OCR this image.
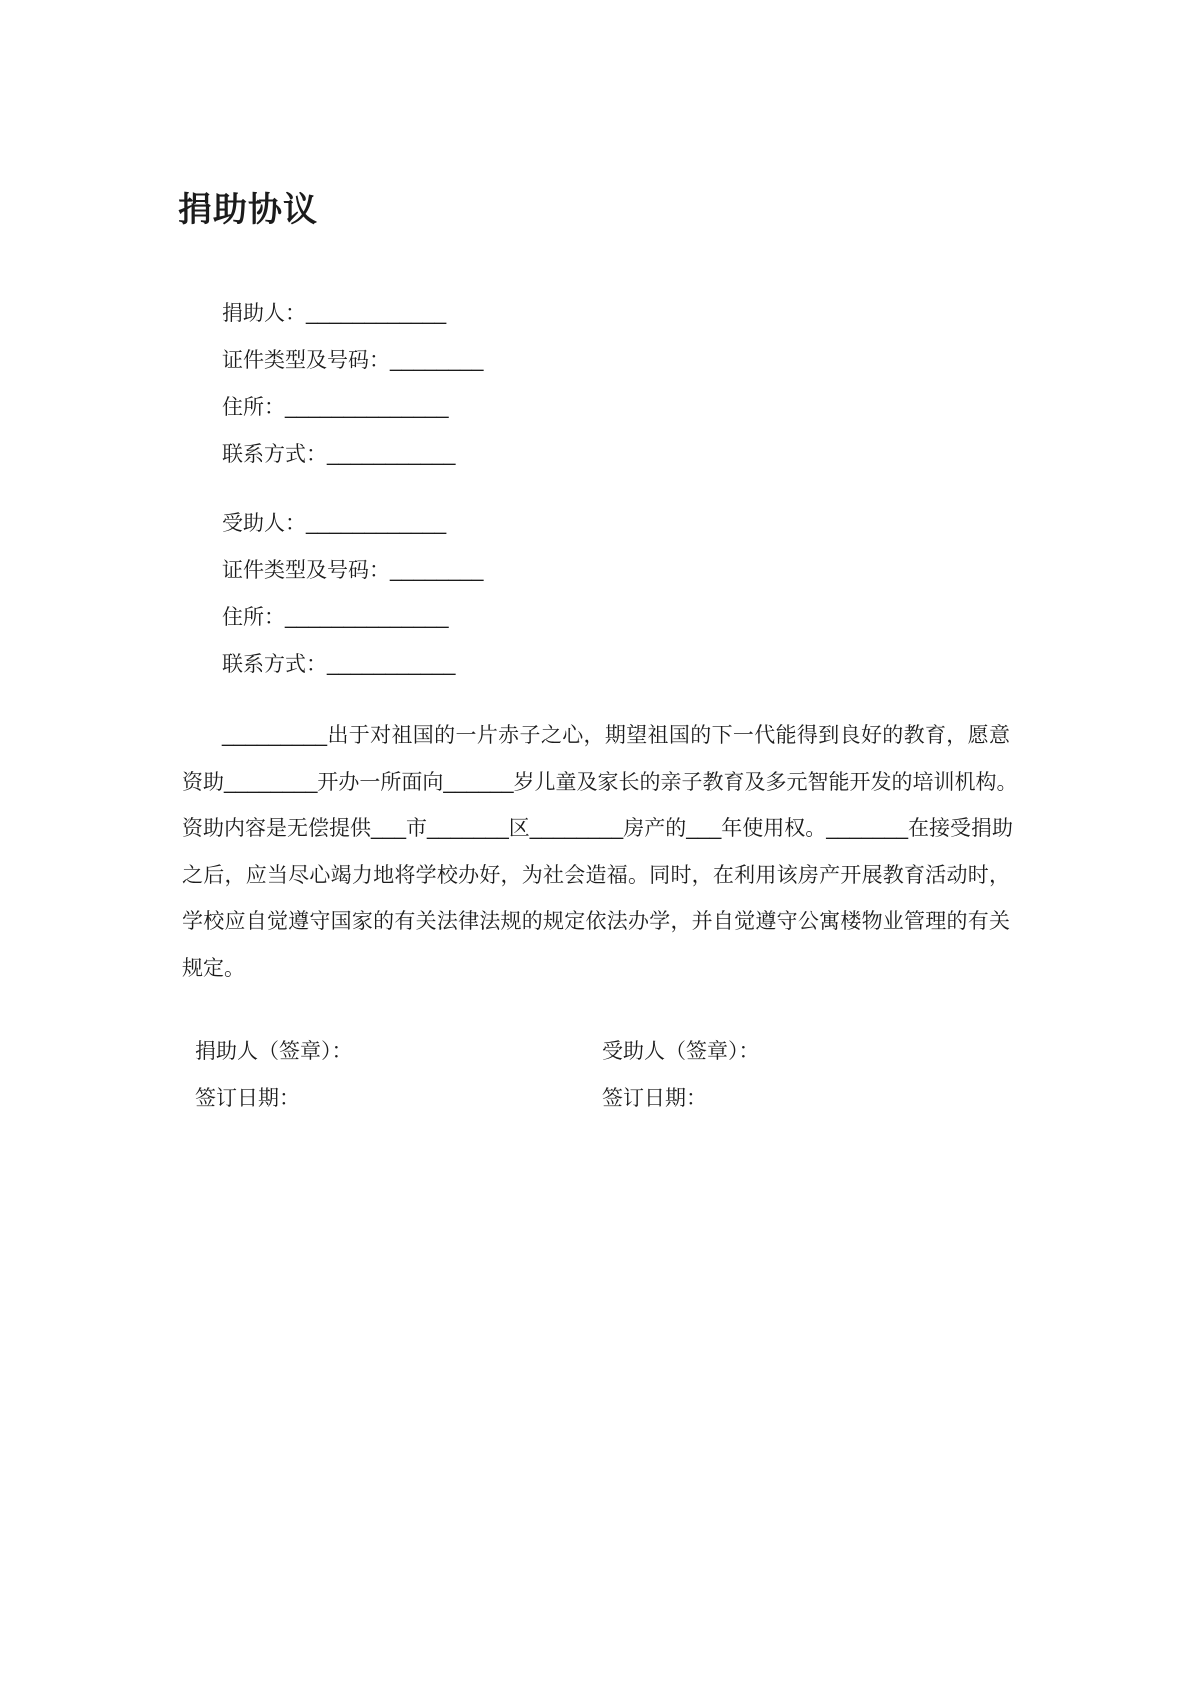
捐助协议
捐助人：____________
证件类型及号码：________
住所：______________
联系方式：___________
受助人：____________
证件类型及号码：________
住所：______________
联系方式：___________
_________出于对祖国的一片赤子之心，期望祖国的下一代能得到良好的教育，愿意
资助________开办一所面向______岁儿童及家长的亲子教育及多元智能开发的培训机构。
资助内容是无偿提供___市_______区________房产的___年使用权。_______在接受捐助
之后，应当尽心竭力地将学校办好，为社会造福。同时，在利用该房产开展教育活动时，
学校应自觉遵守国家的有关法律法规的规定依法办学，并自觉遵守公寓楼物业管理的有关
规定。
捐助人（签章）：	受助人（签章）：
签订日期：	签订日期：
